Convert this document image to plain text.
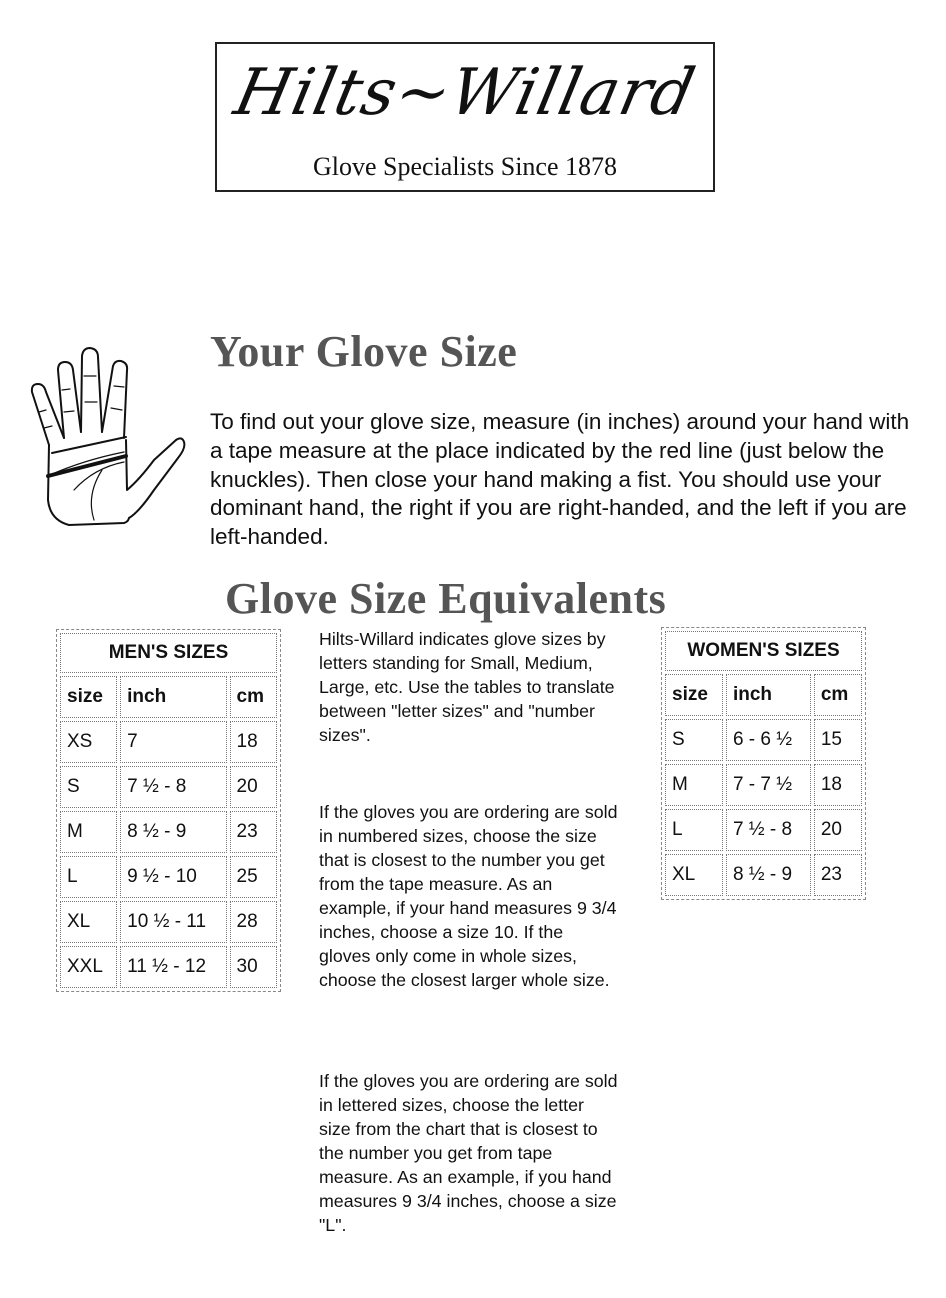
Hilts~Willard
Glove Specialists Since 1878
Your Glove Size
To find out your glove size, measure (in inches) around your hand with a tape measure at the place indicated by the red line (just below the knuckles). Then close your hand making a fist. You should use your dominant hand, the right if you are right-handed, and the left if you are left-handed.
Glove Size Equivalents
MEN'S SIZES		
size	inch	cm
XS	7	18
S	7 ½ - 8	20
M	8 ½ - 9	23
L	9 ½ - 10	25
XL	10 ½ - 11	28
XXL	11 ½ - 12	30
Hilts-Willard indicates glove sizes by letters standing for Small, Medium, Large, etc. Use the tables to translate between "letter sizes" and "number sizes".
If the gloves you are ordering are sold in numbered sizes, choose the size that is closest to the number you get from the tape measure. As an example, if your hand measures 9 3/4 inches, choose a size 10. If the gloves only come in whole sizes, choose the closest larger whole size.
If the gloves you are ordering are sold in lettered sizes, choose the letter size from the chart that is closest to the number you get from tape measure. As an example, if you hand measures 9 3/4 inches, choose a size "L".
WOMEN'S SIZES		
size	inch	cm
S	6 - 6 ½	15
M	7 - 7 ½	18
L	7 ½ - 8	20
XL	8 ½ - 9	23
